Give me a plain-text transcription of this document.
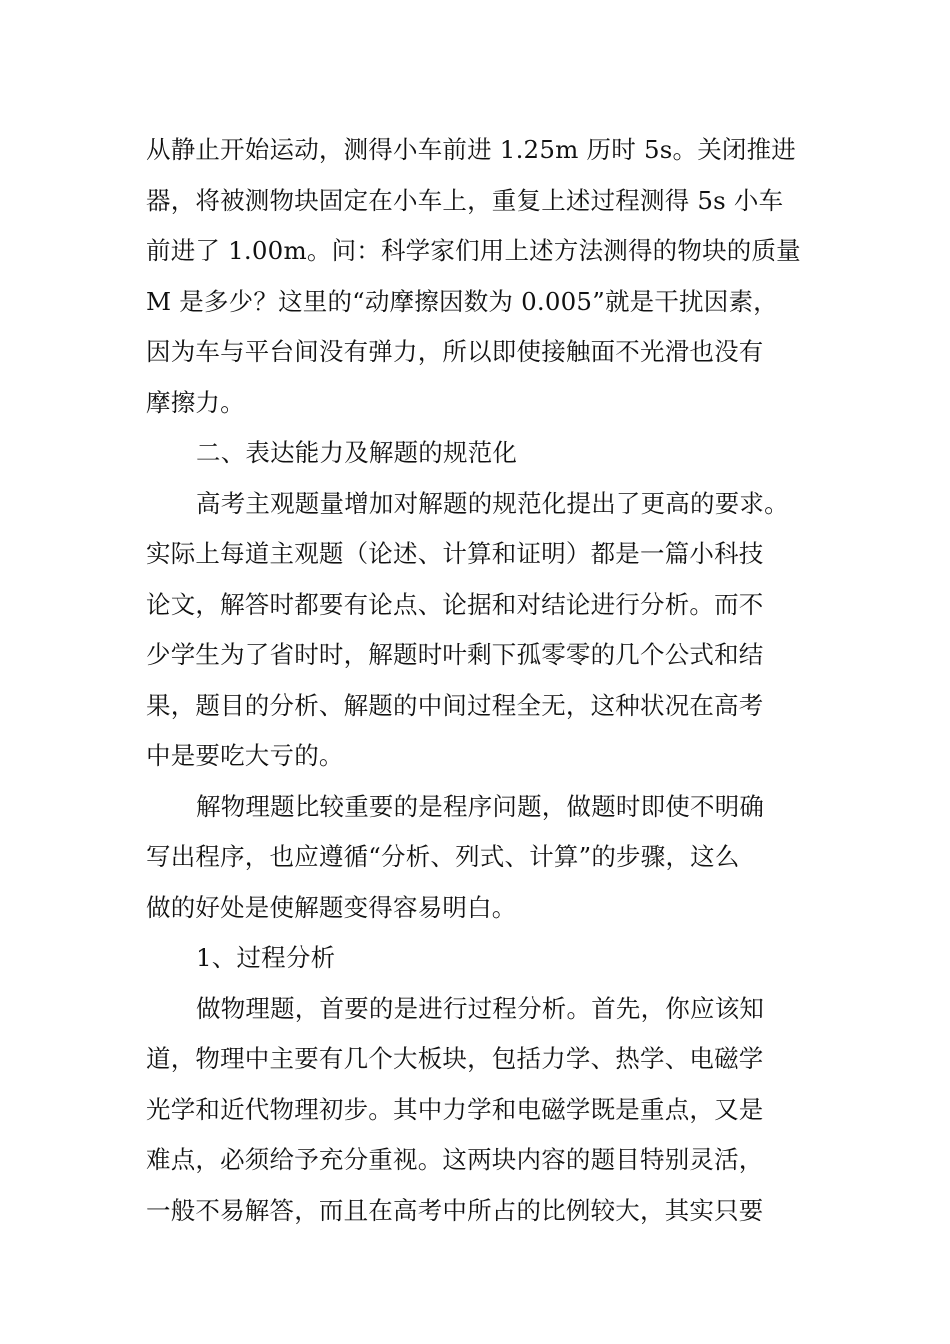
从静止开始运动，测得小车前进 1.25m 历时 5s。关闭推进

器，将被测物块固定在小车上，重复上述过程测得 5s 小车

前进了 1.00m。问：科学家们用上述方法测得的物块的质量

M 是多少？这里的“动摩擦因数为 0.005”就是干扰因素，

因为车与平台间没有弹力，所以即使接触面不光滑也没有

摩擦力。

二、表达能力及解题的规范化

高考主观题量增加对解题的规范化提出了更高的要求。

实际上每道主观题（论述、计算和证明）都是一篇小科技

论文，解答时都要有论点、论据和对结论进行分析。而不

少学生为了省时时，解题时叶剩下孤零零的几个公式和结

果，题目的分析、解题的中间过程全无，这种状况在高考

中是要吃大亏的。

解物理题比较重要的是程序问题，做题时即使不明确

写出程序，也应遵循“分析、列式、计算”的步骤，这么

做的好处是使解题变得容易明白。

1、过程分析

做物理题，首要的是进行过程分析。首先，你应该知

道，物理中主要有几个大板块，包括力学、热学、电磁学

光学和近代物理初步。其中力学和电磁学既是重点，又是

难点，必须给予充分重视。这两块内容的题目特别灵活，

一般不易解答，而且在高考中所占的比例较大，其实只要
